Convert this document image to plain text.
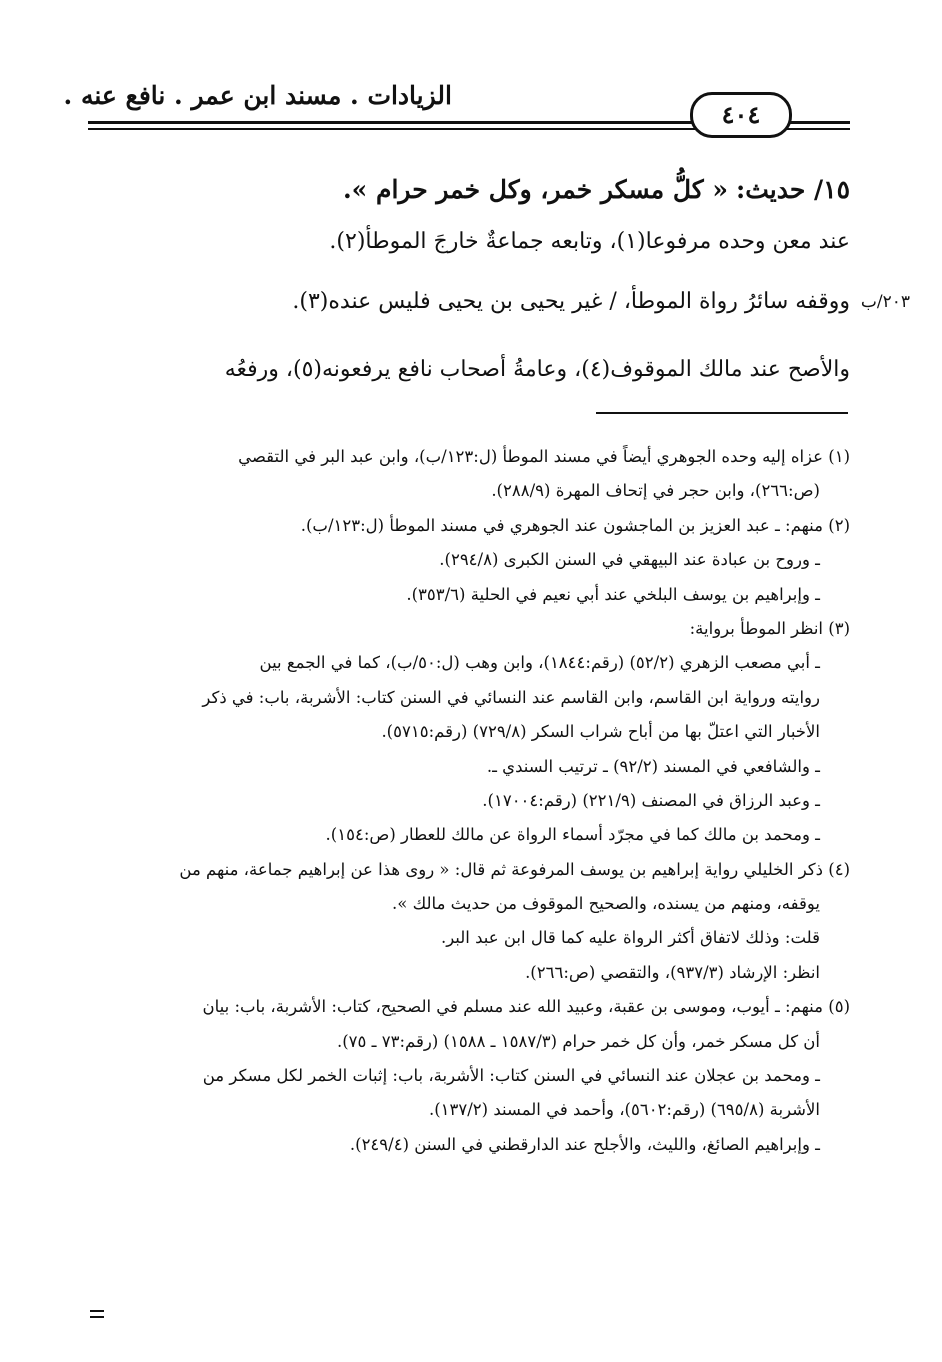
الزيادات . مسند ابن عمر . نافع عنه .
٤٠٤
١٥/ حديث: « كلُّ مسكر خمر، وكل خمر حرام ».
عند معن وحده مرفوعا(١)، وتابعه جماعةٌ خارجَ الموطأ(٢).
ووقفه سائرُ رواة الموطأ، / غير يحيى بن يحيى فليس عنده(٣).
والأصح عند مالك الموقوف(٤)، وعامةُ أصحاب نافع يرفعونه(٥)، ورفعُه
٢٠٣/ب
(١) عزاه إليه وحده الجوهري أيضاً في مسند الموطأ (ل:١٢٣/ب)، وابن عبد البر في التقصي
(ص:٢٦٦)، وابن حجر في إتحاف المهرة (٢٨٨/٩).
(٢) منهم: ـ عبد العزيز بن الماجشون عند الجوهري في مسند الموطأ (ل:١٢٣/ب).
ـ وروح بن عبادة عند البيهقي في السنن الكبرى (٢٩٤/٨).
ـ وإبراهيم بن يوسف البلخي عند أبي نعيم في الحلية (٣٥٣/٦).
(٣) انظر الموطأ برواية:
ـ أبي مصعب الزهري (٥٢/٢) (رقم:١٨٤٤)، وابن وهب (ل:٥٠/ب)، كما في الجمع بين
روايته ورواية ابن القاسم، وابن القاسم عند النسائي في السنن كتاب: الأشربة، باب: في ذكر
الأخبار التي اعتلّ بها من أباح شراب السكر (٧٢٩/٨) (رقم:٥٧١٥).
ـ والشافعي في المسند (٩٢/٢) ـ ترتيب السندي ـ.
ـ وعبد الرزاق في المصنف (٢٢١/٩) (رقم:١٧٠٠٤).
ـ ومحمد بن مالك كما في مجرّد أسماء الرواة عن مالك للعطار (ص:١٥٤).
(٤) ذكر الخليلي رواية إبراهيم بن يوسف المرفوعة ثم قال: « روى هذا عن إبراهيم جماعة، منهم من
يوقفه، ومنهم من يسنده، والصحيح الموقوف من حديث مالك ».
قلت: وذلك لاتفاق أكثر الرواة عليه كما قال ابن عبد البر.
انظر: الإرشاد (٩٣٧/٣)، والتقصي (ص:٢٦٦).
(٥) منهم: ـ أيوب، وموسى بن عقبة، وعبيد الله عند مسلم في الصحيح، كتاب: الأشربة، باب: بيان
أن كل مسكر خمر، وأن كل خمر حرام (١٥٨٧/٣ ـ ١٥٨٨) (رقم:٧٣ ـ ٧٥).
ـ ومحمد بن عجلان عند النسائي في السنن كتاب: الأشربة، باب: إثبات الخمر لكل مسكر من
الأشربة (٦٩٥/٨) (رقم:٥٦٠٢)، وأحمد في المسند (١٣٧/٢).
ـ وإبراهيم الصائغ، والليث، والأجلح عند الدارقطني في السنن (٢٤٩/٤).
